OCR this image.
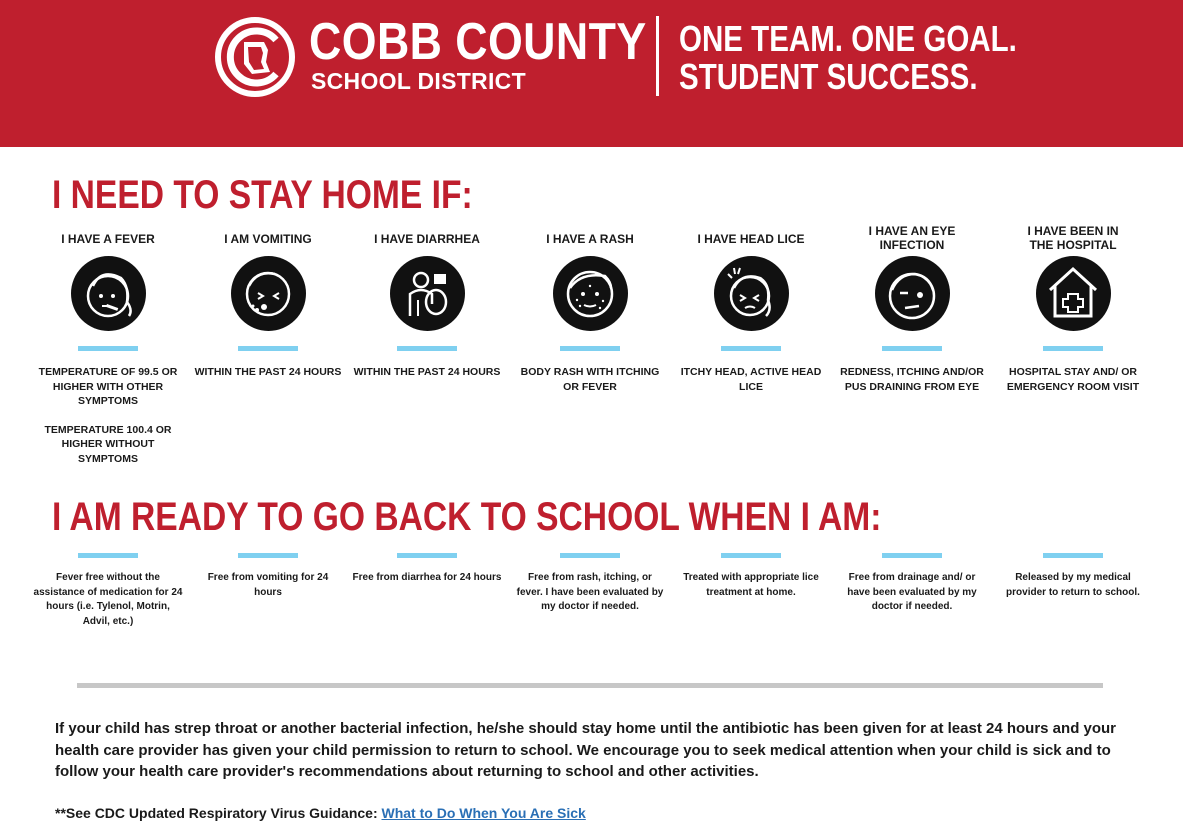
COBB COUNTY
SCHOOL DISTRICT
ONE TEAM. ONE GOAL.
STUDENT SUCCESS.
I NEED TO STAY HOME IF:
I HAVE A FEVER

TEMPERATURE OF 99.5 OR HIGHER WITH OTHER SYMPTOMS

TEMPERATURE 100.4 OR HIGHER WITHOUT SYMPTOMS

Fever free without the assistance of medication for 24 hours (i.e. Tylenol, Motrin, Advil, etc.)
I AM VOMITING

WITHIN THE PAST 24 HOURS

Free from vomiting for 24 hours
I HAVE DIARRHEA

WITHIN THE PAST 24 HOURS

Free from diarrhea for 24 hours
I HAVE A RASH

BODY RASH WITH ITCHING OR FEVER

Free from rash, itching, or fever. I have been evaluated by my doctor if needed.
I HAVE HEAD LICE

ITCHY HEAD, ACTIVE HEAD LICE

Treated with appropriate lice treatment at home.
I HAVE AN EYE
INFECTION

REDNESS, ITCHING AND/OR PUS DRAINING FROM EYE

Free from drainage and/ or have been evaluated by my doctor if needed.
I HAVE BEEN IN
THE HOSPITAL

HOSPITAL STAY AND/ OR EMERGENCY ROOM VISIT

Released by my medical provider to return to school.
I AM READY TO GO BACK TO SCHOOL WHEN I AM:
If your child has strep throat or another bacterial infection, he/she should stay home until the antibiotic has been given for at least 24 hours and your health care provider has given your child permission to return to school. We encourage you to seek medical attention when your child is sick and to follow your health care provider's recommendations about returning to school and other activities.
**See CDC Updated Respiratory Virus Guidance: What to Do When You Are Sick
